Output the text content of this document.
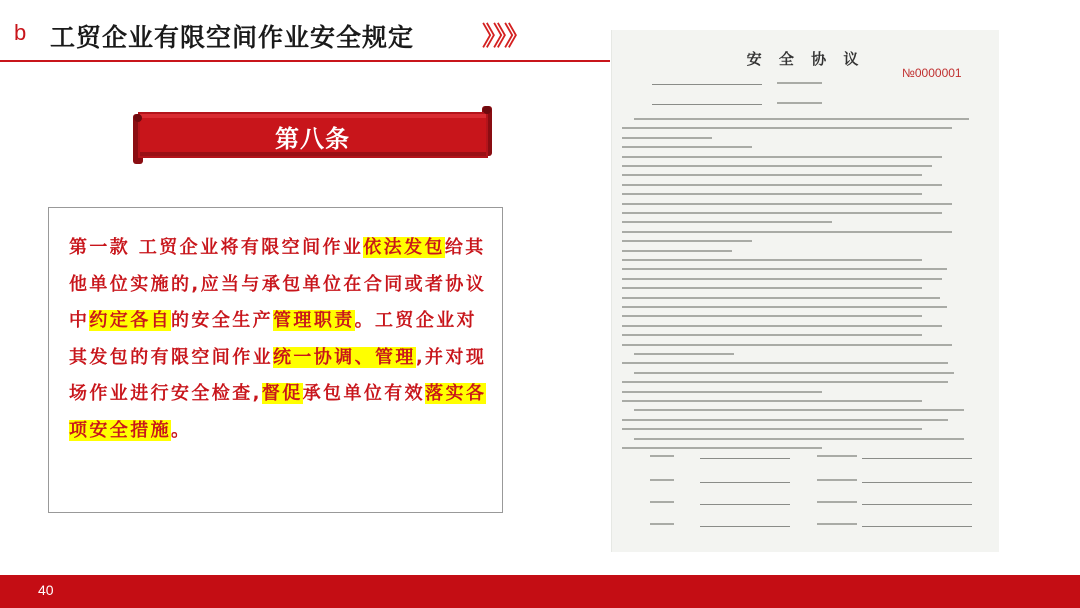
b 工贸企业有限空间作业安全规定	》》》
第八条

第一款 工贸企业将有限空间作业依法发包给其他单位实施的,应当与承包单位在合同或者协议中约定各自的安全生产管理职责。工贸企业对其发包的有限空间作业统一协调、管理,并对现场作业进行安全检查,督促承包单位有效落实各项安全措施。

安 全 协 议
№0000001
40
